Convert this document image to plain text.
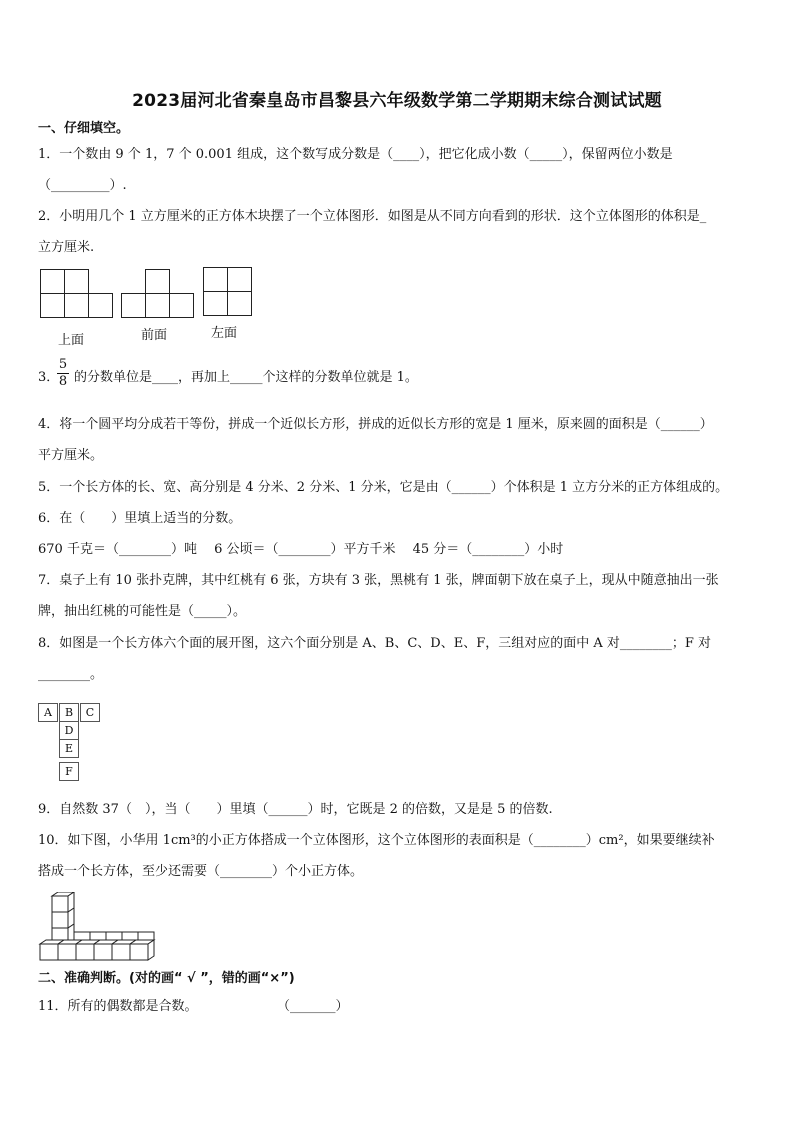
2023届河北省秦皇岛市昌黎县六年级数学第二学期期末综合测试试题
一、仔细填空。
1．一个数由 9 个 1，7 个 0.001 组成，这个数写成分数是（____），把它化成小数（_____），保留两位小数是
（_________）.
2．小明用几个 1 立方厘米的正方体木块摆了一个立体图形．如图是从不同方向看到的形状．这个立体图形的体积是_
立方厘米.
上面	前面	左面
3．
5
8 的分数单位是____，再加上_____个这样的分数单位就是 1。
4．将一个圆平均分成若干等份，拼成一个近似长方形，拼成的近似长方形的宽是 1 厘米，原来圆的面积是（______）
平方厘米。
5．一个长方体的长、宽、高分别是 4 分米、2 分米、1 分米，它是由（______）个体积是 1 立方分米的正方体组成的。
6．在（　　）里填上适当的分数。
670 千克＝（________）吨　 6 公顷＝（________）平方千米　 45 分＝（________）小时
7．桌子上有 10 张扑克牌，其中红桃有 6 张，方块有 3 张，黑桃有 1 张，牌面朝下放在桌子上，现从中随意抽出一张
牌，抽出红桃的可能性是（_____）。
8．如图是一个长方体六个面的展开图，这六个面分别是 A、B、C、D、E、F，三组对应的面中 A 对________；F 对
________。
A	B	C
D
E
F
9．自然数 37（　），当（　　）里填（______）时，它既是 2 的倍数，又是是 5 的倍数.
10．如下图，小华用 1cm³的小正方体搭成一个立体图形，这个立体图形的表面积是（________）cm²，如果要继续补
搭成一个长方体，至少还需要（________）个小正方体。
二、准确判断。(对的画“ √ ”，错的画“×”)
11．所有的偶数都是合数。	（_______）
